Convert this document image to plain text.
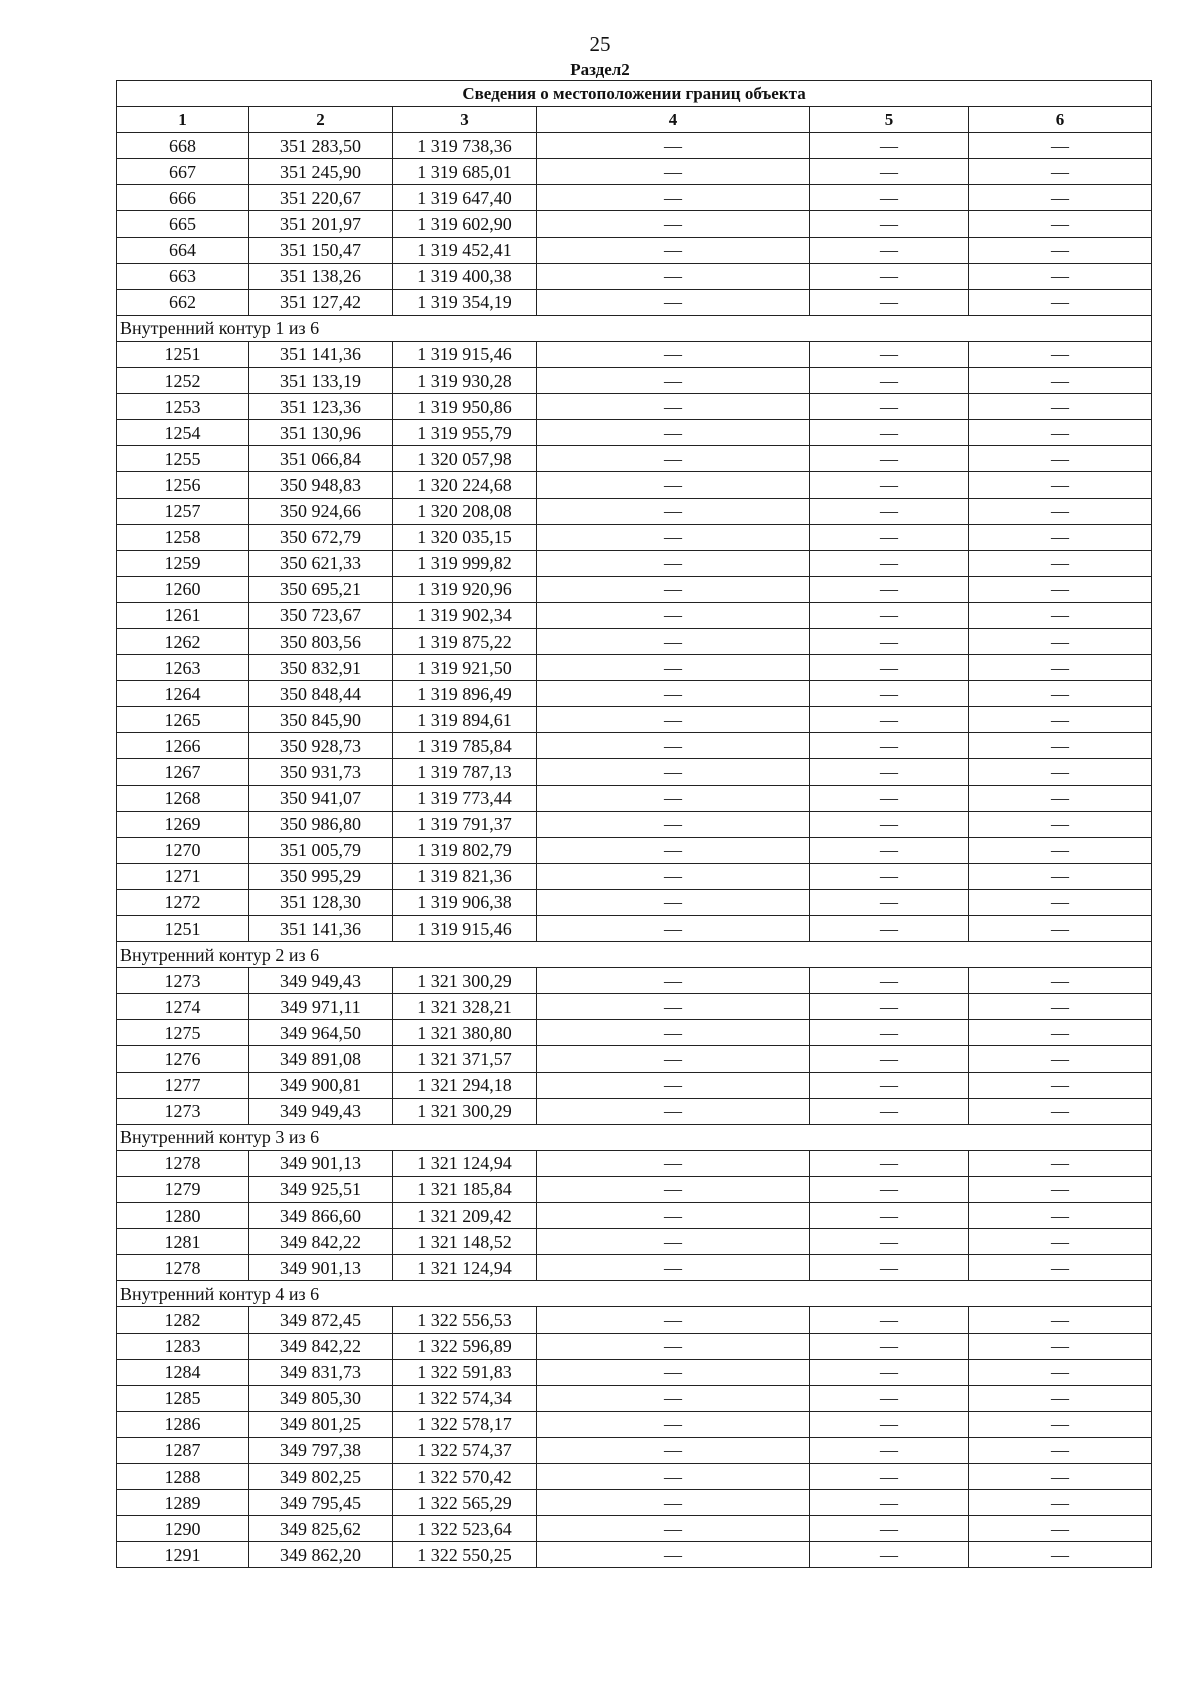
25
Раздел2
Сведения о местоположении границ объекта					
1	2	3	4	5	6
668	351 283,50	1 319 738,36	—	—	—
667	351 245,90	1 319 685,01	—	—	—
666	351 220,67	1 319 647,40	—	—	—
665	351 201,97	1 319 602,90	—	—	—
664	351 150,47	1 319 452,41	—	—	—
663	351 138,26	1 319 400,38	—	—	—
662	351 127,42	1 319 354,19	—	—	—
Внутренний контур 1 из 6					
1251	351 141,36	1 319 915,46	—	—	—
1252	351 133,19	1 319 930,28	—	—	—
1253	351 123,36	1 319 950,86	—	—	—
1254	351 130,96	1 319 955,79	—	—	—
1255	351 066,84	1 320 057,98	—	—	—
1256	350 948,83	1 320 224,68	—	—	—
1257	350 924,66	1 320 208,08	—	—	—
1258	350 672,79	1 320 035,15	—	—	—
1259	350 621,33	1 319 999,82	—	—	—
1260	350 695,21	1 319 920,96	—	—	—
1261	350 723,67	1 319 902,34	—	—	—
1262	350 803,56	1 319 875,22	—	—	—
1263	350 832,91	1 319 921,50	—	—	—
1264	350 848,44	1 319 896,49	—	—	—
1265	350 845,90	1 319 894,61	—	—	—
1266	350 928,73	1 319 785,84	—	—	—
1267	350 931,73	1 319 787,13	—	—	—
1268	350 941,07	1 319 773,44	—	—	—
1269	350 986,80	1 319 791,37	—	—	—
1270	351 005,79	1 319 802,79	—	—	—
1271	350 995,29	1 319 821,36	—	—	—
1272	351 128,30	1 319 906,38	—	—	—
1251	351 141,36	1 319 915,46	—	—	—
Внутренний контур 2 из 6					
1273	349 949,43	1 321 300,29	—	—	—
1274	349 971,11	1 321 328,21	—	—	—
1275	349 964,50	1 321 380,80	—	—	—
1276	349 891,08	1 321 371,57	—	—	—
1277	349 900,81	1 321 294,18	—	—	—
1273	349 949,43	1 321 300,29	—	—	—
Внутренний контур 3 из 6					
1278	349 901,13	1 321 124,94	—	—	—
1279	349 925,51	1 321 185,84	—	—	—
1280	349 866,60	1 321 209,42	—	—	—
1281	349 842,22	1 321 148,52	—	—	—
1278	349 901,13	1 321 124,94	—	—	—
Внутренний контур 4 из 6					
1282	349 872,45	1 322 556,53	—	—	—
1283	349 842,22	1 322 596,89	—	—	—
1284	349 831,73	1 322 591,83	—	—	—
1285	349 805,30	1 322 574,34	—	—	—
1286	349 801,25	1 322 578,17	—	—	—
1287	349 797,38	1 322 574,37	—	—	—
1288	349 802,25	1 322 570,42	—	—	—
1289	349 795,45	1 322 565,29	—	—	—
1290	349 825,62	1 322 523,64	—	—	—
1291	349 862,20	1 322 550,25	—	—	—
